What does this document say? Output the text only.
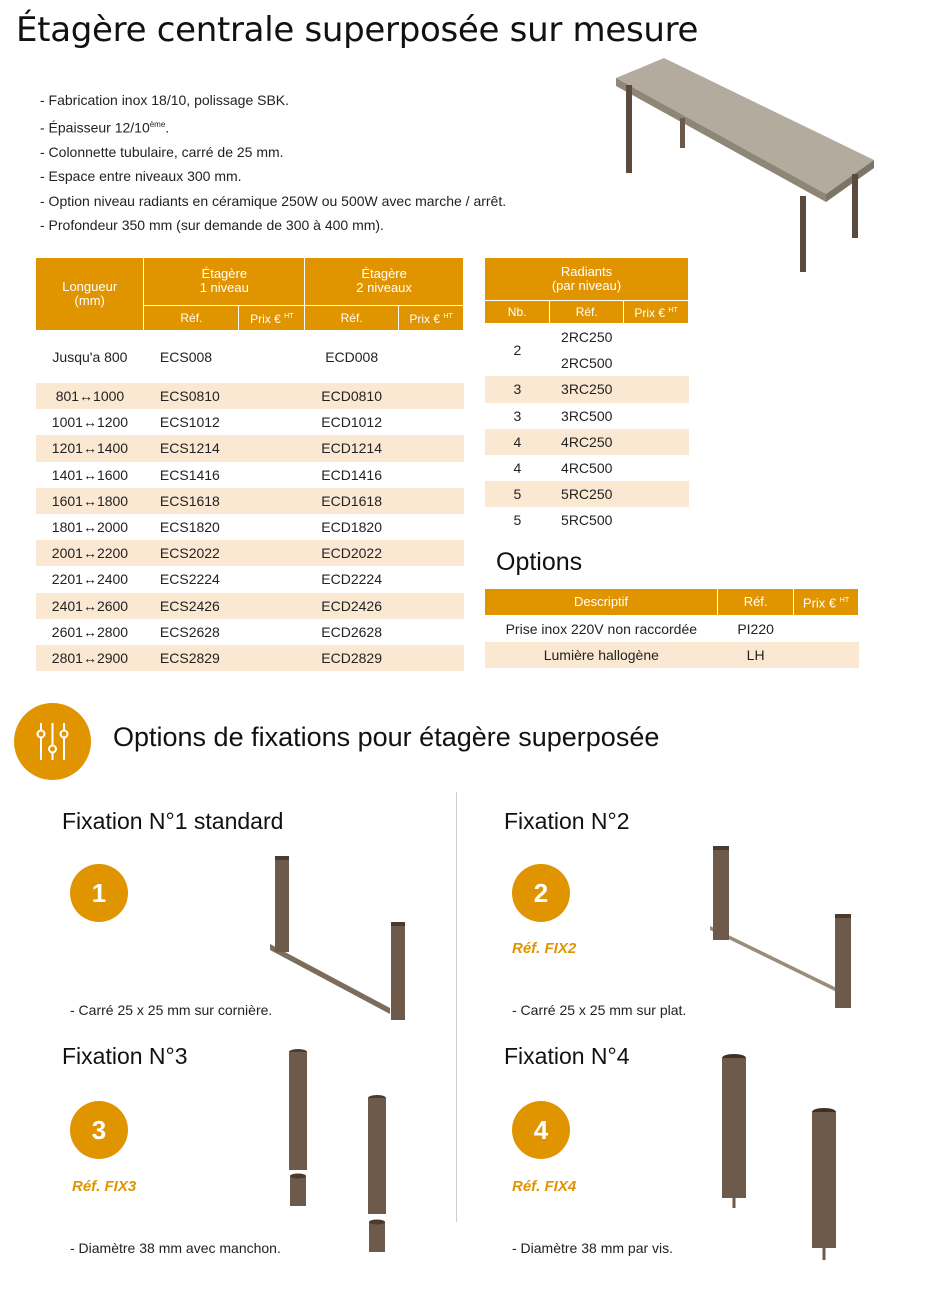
Étagère centrale superposée sur mesure
- Fabrication inox 18/10, polissage SBK.
- Épaisseur 12/10ème.
- Colonnette tubulaire, carré de 25 mm.
- Espace entre niveaux 300 mm.
- Option niveau radiants en céramique 250W ou 500W avec marche / arrêt.
- Profondeur 350 mm (sur demande de 300 à 400 mm).
Longueur
(mm)	Étagère
1 niveau		Étagère
2 niveaux	
	Réf.	Prix € $^{HT}$	Réf.	Prix € $^{HT}$
Jusqu'a 800	ECS008		ECD008	
801↔1000	ECS0810		ECD0810	
1001↔1200	ECS1012		ECD1012	
1201↔1400	ECS1214		ECD1214	
1401↔1600	ECS1416		ECD1416	
1601↔1800	ECS1618		ECD1618	
1801↔2000	ECS1820		ECD1820	
2001↔2200	ECS2022		ECD2022	
2201↔2400	ECS2224		ECD2224	
2401↔2600	ECS2426		ECD2426	
2601↔2800	ECS2628		ECD2628	
2801↔2900	ECS2829		ECD2829	
Radiants
(par niveau)		
Nb.	Réf.	Prix € $^{HT}$
2	2RC250	
	2RC500	
3	3RC250	
3	3RC500	
4	4RC250	
4	4RC500	
5	5RC250	
5	5RC500	
Options
Descriptif	Réf.	Prix € $^{HT}$
Prise inox 220V non raccordée	PI220	
Lumière hallogène	LH	
Options de fixations pour étagère superposée
Fixation N°1 standard
1
- Carré 25 x 25 mm sur cornière.
Fixation N°2
2
Réf. FIX2
- Carré 25 x 25 mm sur plat.
Fixation N°3
3
Réf. FIX3
- Diamètre 38 mm avec manchon.
Fixation N°4
4
Réf. FIX4
- Diamètre 38 mm par vis.
